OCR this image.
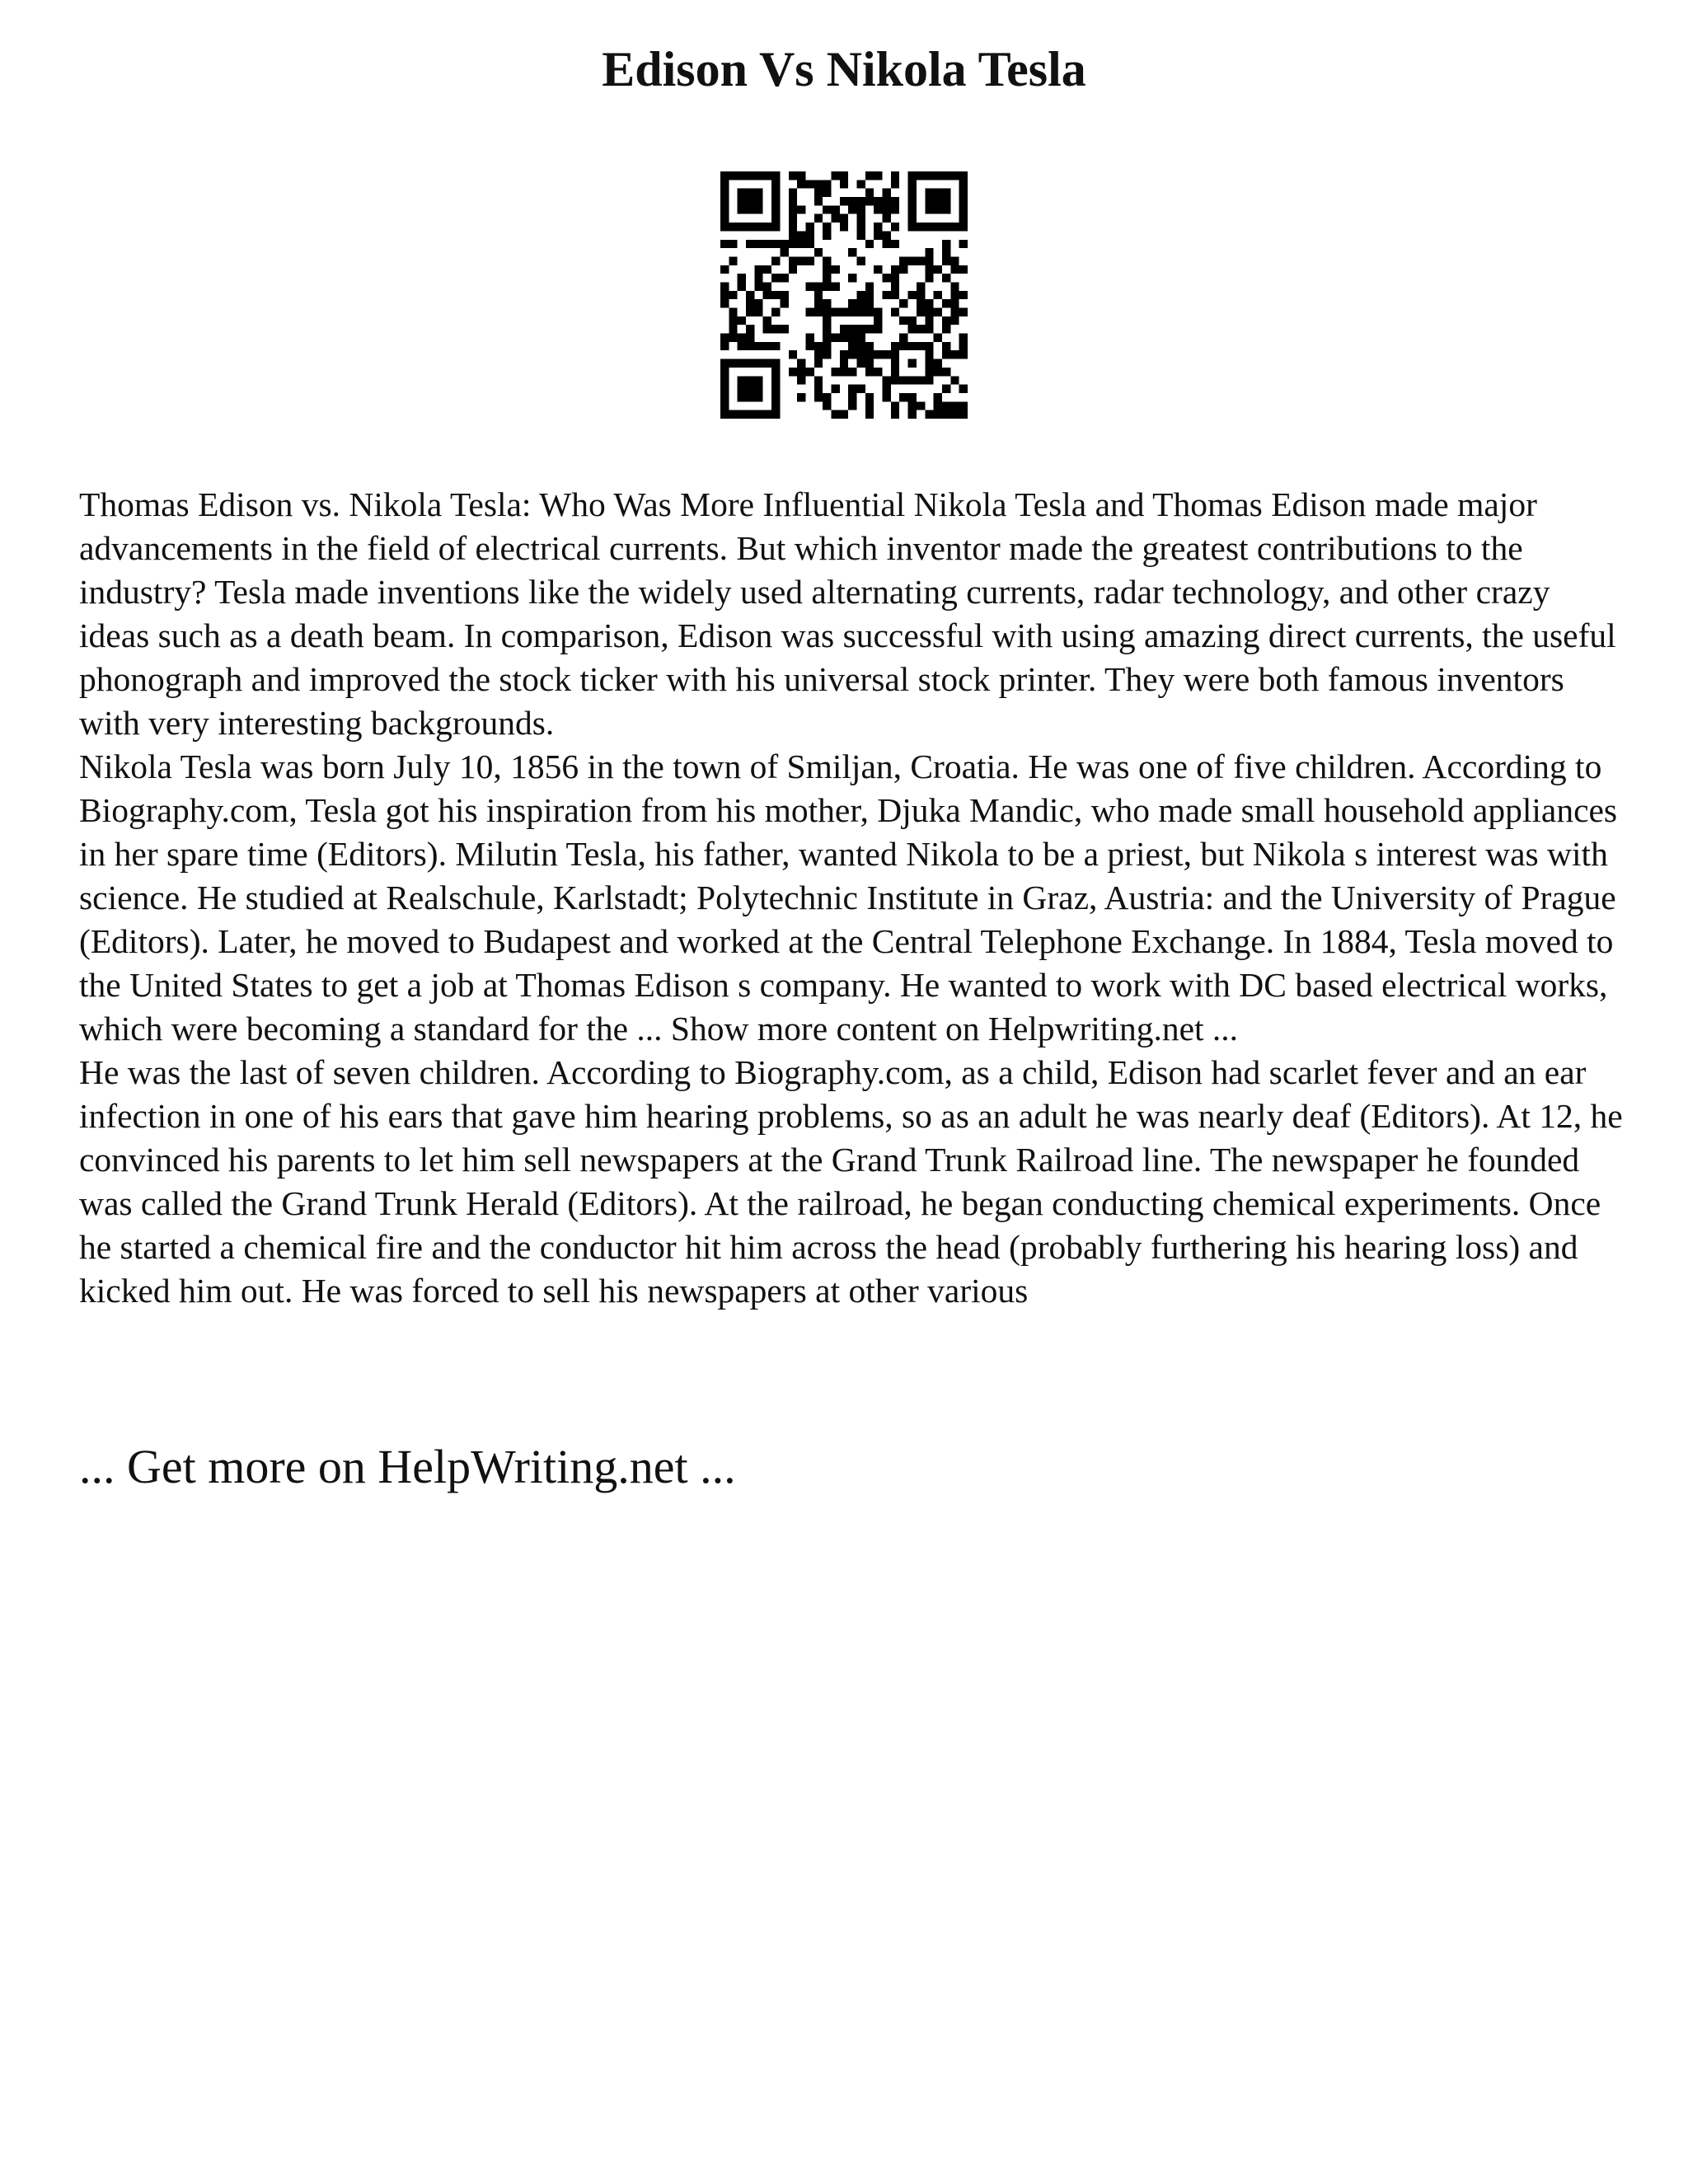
Edison Vs Nikola Tesla

Thomas Edison vs. Nikola Tesla: Who Was More Influential Nikola Tesla and Thomas Edison made major advancements in the field of electrical currents. But which inventor made the greatest contributions to the industry? Tesla made inventions like the widely used alternating currents, radar technology, and other crazy ideas such as a death beam. In comparison, Edison was successful with using amazing direct currents, the useful phonograph and improved the stock ticker with his universal stock printer. They were both famous inventors with very interesting backgrounds.

Nikola Tesla was born July 10, 1856 in the town of Smiljan, Croatia. He was one of five children. According to Biography.com, Tesla got his inspiration from his mother, Djuka Mandic, who made small household appliances in her spare time (Editors). Milutin Tesla, his father, wanted Nikola to be a priest, but Nikola s interest was with science. He studied at Realschule, Karlstadt; Polytechnic Institute in Graz, Austria: and the University of Prague (Editors). Later, he moved to Budapest and worked at the Central Telephone Exchange. In 1884, Tesla moved to the United States to get a job at Thomas Edison s company. He wanted to work with DC based electrical works, which were becoming a standard for the ... Show more content on Helpwriting.net ...

He was the last of seven children. According to Biography.com, as a child, Edison had scarlet fever and an ear infection in one of his ears that gave him hearing problems, so as an adult he was nearly deaf (Editors). At 12, he convinced his parents to let him sell newspapers at the Grand Trunk Railroad line. The newspaper he founded was called the Grand Trunk Herald (Editors). At the railroad, he began conducting chemical experiments. Once he started a chemical fire and the conductor hit him across the head (probably furthering his hearing loss) and kicked him out. He was forced to sell his newspapers at other various

... Get more on HelpWriting.net ...
